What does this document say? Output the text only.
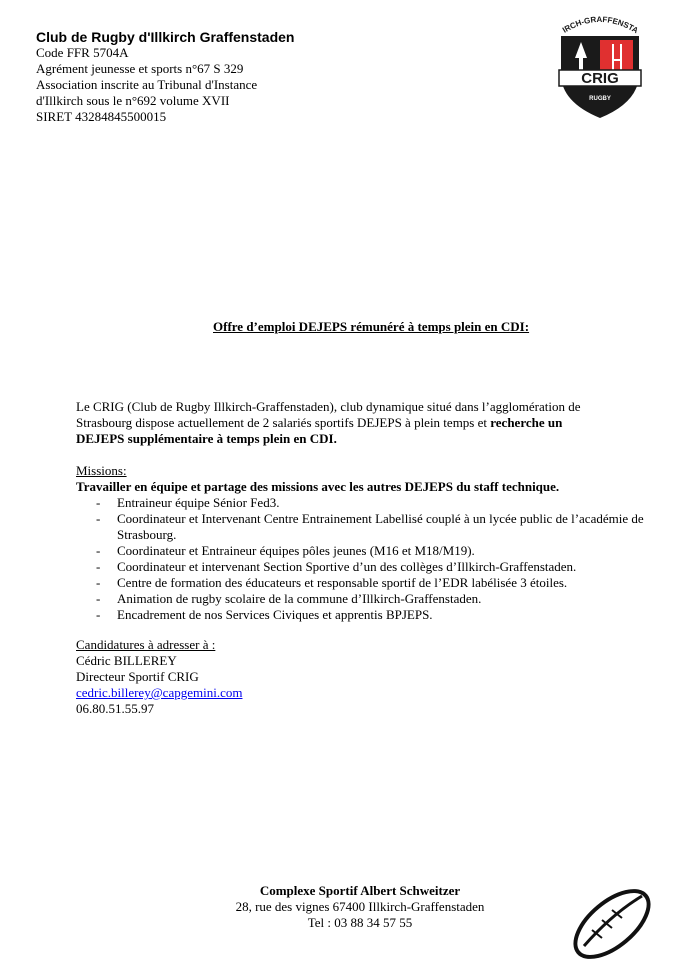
Club de Rugby d'Illkirch Graffenstaden

Code FFR 5704A

Agrément jeunesse et sports n°67 S 329

Association inscrite au Tribunal d'Instance

d'Illkirch sous le n°692 volume XVII

SIRET 43284845500015

IRCH-GRAFFENSTA
CRIG
RUGBY
Offre d’emploi DEJEPS rémunéré à temps plein en CDI:

Le CRIG (Club de Rugby Illkirch-Graffenstaden), club dynamique situé dans l’agglomération de

Strasbourg dispose actuellement de 2 salariés sportifs DEJEPS à plein temps et recherche un

DEJEPS supplémentaire à temps plein en CDI.

Missions:
Travailler en équipe et partage des missions avec les autres DEJEPS du staff technique.
- Entraineur équipe Sénior Fed3.
- Coordinateur et Intervenant Centre Entrainement Labellisé couplé à un lycée public de l’académie de Strasbourg.
- Coordinateur et Entraineur équipes pôles jeunes (M16 et M18/M19).
- Coordinateur et intervenant Section Sportive d’un des collèges d’Illkirch-Graffenstaden.
- Centre de formation des éducateurs et responsable sportif de l’EDR labélisée 3 étoiles.
- Animation de rugby scolaire de la commune d’Illkirch-Graffenstaden.
- Encadrement de nos Services Civiques et apprentis BPJEPS.

Candidatures à adresser à :

Cédric BILLEREY

Directeur Sportif CRIG

cedric.billerey@capgemini.com

06.80.51.55.97

Complexe Sportif Albert Schweitzer

28, rue des vignes 67400 Illkirch-Graffenstaden

Tel : 03 88 34 57 55
